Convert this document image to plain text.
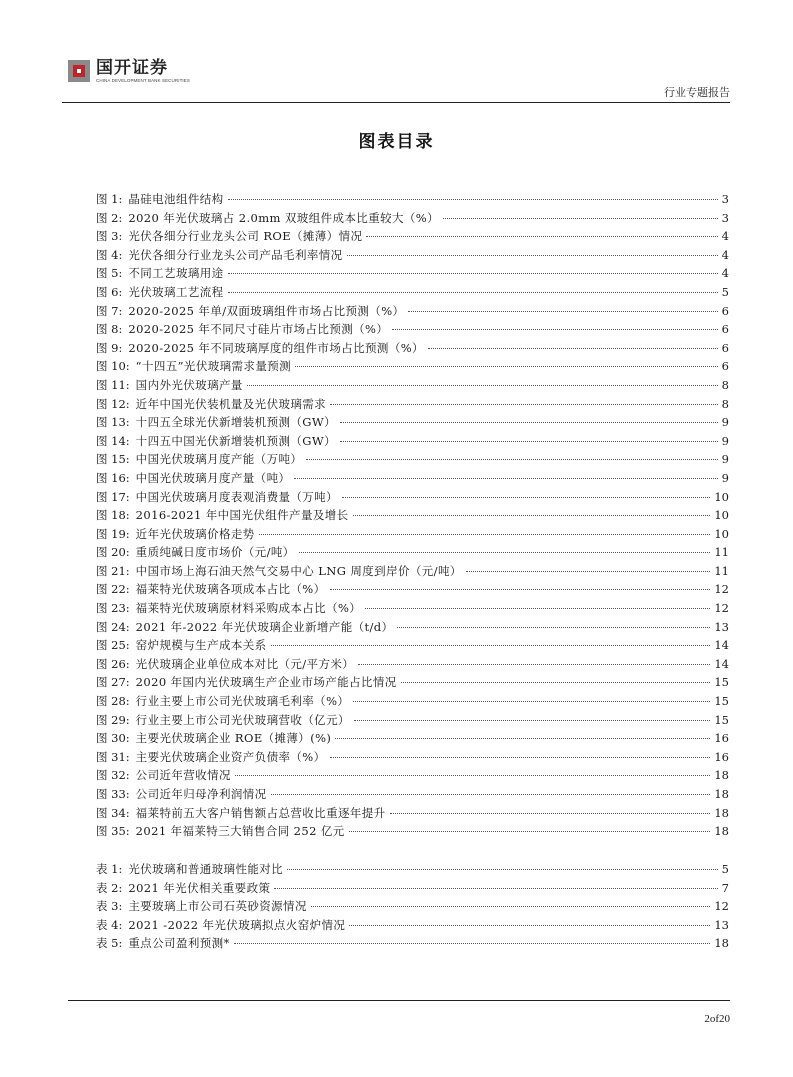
国开证券
CHINA DEVELOPMENT BANK SECURITIES
行业专题报告
图表目录
图 1: 晶硅电池组件结构	3
图 2: 2020 年光伏玻璃占 2.0mm 双玻组件成本比重较大（%）	3
图 3: 光伏各细分行业龙头公司 ROE（摊薄）情况	4
图 4: 光伏各细分行业龙头公司产品毛利率情况	4
图 5: 不同工艺玻璃用途	4
图 6: 光伏玻璃工艺流程	5
图 7: 2020-2025 年单/双面玻璃组件市场占比预测（%）	6
图 8: 2020-2025 年不同尺寸硅片市场占比预测（%）	6
图 9: 2020-2025 年不同玻璃厚度的组件市场占比预测（%）	6
图 10: “十四五”光伏玻璃需求量预测	6
图 11: 国内外光伏玻璃产量	8
图 12: 近年中国光伏装机量及光伏玻璃需求	8
图 13: 十四五全球光伏新增装机预测（GW）	9
图 14: 十四五中国光伏新增装机预测（GW）	9
图 15: 中国光伏玻璃月度产能（万吨）	9
图 16: 中国光伏玻璃月度产量（吨）	9
图 17: 中国光伏玻璃月度表观消费量（万吨）	10
图 18: 2016-2021 年中国光伏组件产量及增长	10
图 19: 近年光伏玻璃价格走势	10
图 20: 重质纯碱日度市场价（元/吨）	11
图 21: 中国市场上海石油天然气交易中心 LNG 周度到岸价（元/吨）	11
图 22: 福莱特光伏玻璃各项成本占比（%）	12
图 23: 福莱特光伏玻璃原材料采购成本占比（%）	12
图 24: 2021 年-2022 年光伏玻璃企业新增产能（t/d）	13
图 25: 窑炉规模与生产成本关系	14
图 26: 光伏玻璃企业单位成本对比（元/平方米）	14
图 27: 2020 年国内光伏玻璃生产企业市场产能占比情况	15
图 28: 行业主要上市公司光伏玻璃毛利率（%）	15
图 29: 行业主要上市公司光伏玻璃营收（亿元）	15
图 30: 主要光伏玻璃企业 ROE（摊薄）(%)	16
图 31: 主要光伏玻璃企业资产负债率（%）	16
图 32: 公司近年营收情况	18
图 33: 公司近年归母净利润情况	18
图 34: 福莱特前五大客户销售额占总营收比重逐年提升	18
图 35: 2021 年福莱特三大销售合同 252 亿元	18
表 1: 光伏玻璃和普通玻璃性能对比	5
表 2: 2021 年光伏相关重要政策	7
表 3: 主要玻璃上市公司石英砂资源情况	12
表 4: 2021 -2022 年光伏玻璃拟点火窑炉情况	13
表 5: 重点公司盈利预测*	18
2of20
